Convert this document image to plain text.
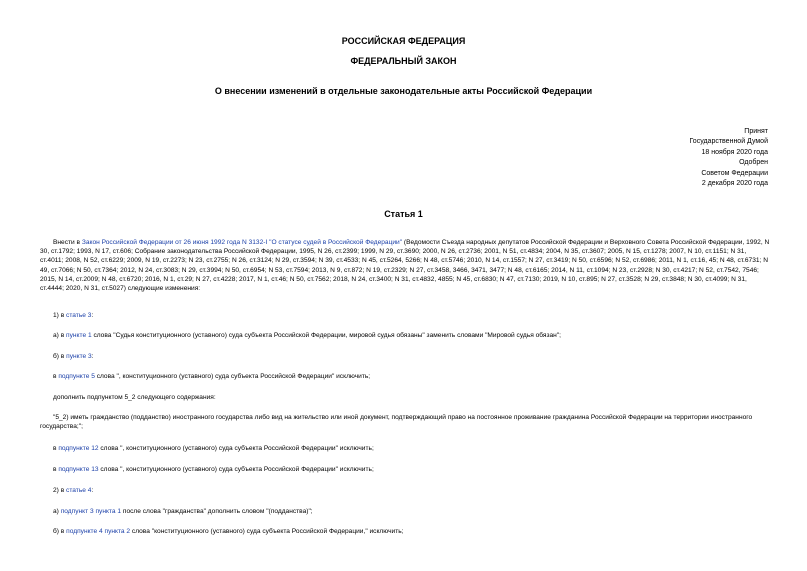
РОССИЙСКАЯ ФЕДЕРАЦИЯ
ФЕДЕРАЛЬНЫЙ ЗАКОН
О внесении изменений в отдельные законодательные акты Российской Федерации
Принят
Государственной Думой
18 ноября 2020 года
Одобрен
Советом Федерации
2 декабря 2020 года
Статья 1

Внести в Закон Российской Федерации от 26 июня 1992 года N 3132-I "О статусе судей в Российской Федерации" (Ведомости Съезда народных депутатов Российской Федерации и Верховного Совета Российской Федерации, 1992, N 30, ст.1792; 1993, N 17, ст.606; Собрание законодательства Российской Федерации, 1995, N 26, ст.2399; 1999, N 29, ст.3690; 2000, N 26, ст.2736; 2001, N 51, ст.4834; 2004, N 35, ст.3607; 2005, N 15, ст.1278; 2007, N 10, ст.1151; N 31, ст.4011; 2008, N 52, ст.6229; 2009, N 19, ст.2273; N 23, ст.2755; N 26, ст.3124; N 29, ст.3594; N 39, ст.4533; N 45, ст.5264, 5266; N 48, ст.5746; 2010, N 14, ст.1557; N 27, ст.3419; N 50, ст.6596; N 52, ст.6986; 2011, N 1, ст.16, 45; N 48, ст.6731; N 49, ст.7066; N 50, ст.7364; 2012, N 24, ст.3083; N 29, ст.3994; N 50, ст.6954; N 53, ст.7594; 2013, N 9, ст.872; N 19, ст.2329; N 27, ст.3458, 3466, 3471, 3477; N 48, ст.6165; 2014, N 11, ст.1094; N 23, ст.2928; N 30, ст.4217; N 52, ст.7542, 7546; 2015, N 14, ст.2009; N 48, ст.6720; 2016, N 1, ст.29; N 27, ст.4228; 2017, N 1, ст.46; N 50, ст.7562; 2018, N 24, ст.3400; N 31, ст.4832, 4855; N 45, ст.6830; N 47, ст.7130; 2019, N 10, ст.895; N 27, ст.3528; N 29, ст.3848; N 30, ст.4099; N 31, ст.4444; 2020, N 31, ст.5027) следующие изменения:

1) в статье 3:

а) в пункте 1 слова "Судья конституционного (уставного) суда субъекта Российской Федерации, мировой судья обязаны" заменить словами "Мировой судья обязан";

б) в пункте 3:

в подпункте 5 слова ", конституционного (уставного) суда субъекта Российской Федерации" исключить;

дополнить подпунктом 5_2 следующего содержания:

"5_2) иметь гражданство (подданство) иностранного государства либо вид на жительство или иной документ, подтверждающий право на постоянное проживание гражданина Российской Федерации на территории иностранного государства;";

в подпункте 12 слова ", конституционного (уставного) суда субъекта Российской Федерации" исключить;

в подпункте 13 слова ", конституционного (уставного) суда субъекта Российской Федерации" исключить;

2) в статье 4:

а) подпункт 3 пункта 1 после слова "гражданства" дополнить словом "(подданства)";

б) в подпункте 4 пункта 2 слова "конституционного (уставного) суда субъекта Российской Федерации," исключить;
